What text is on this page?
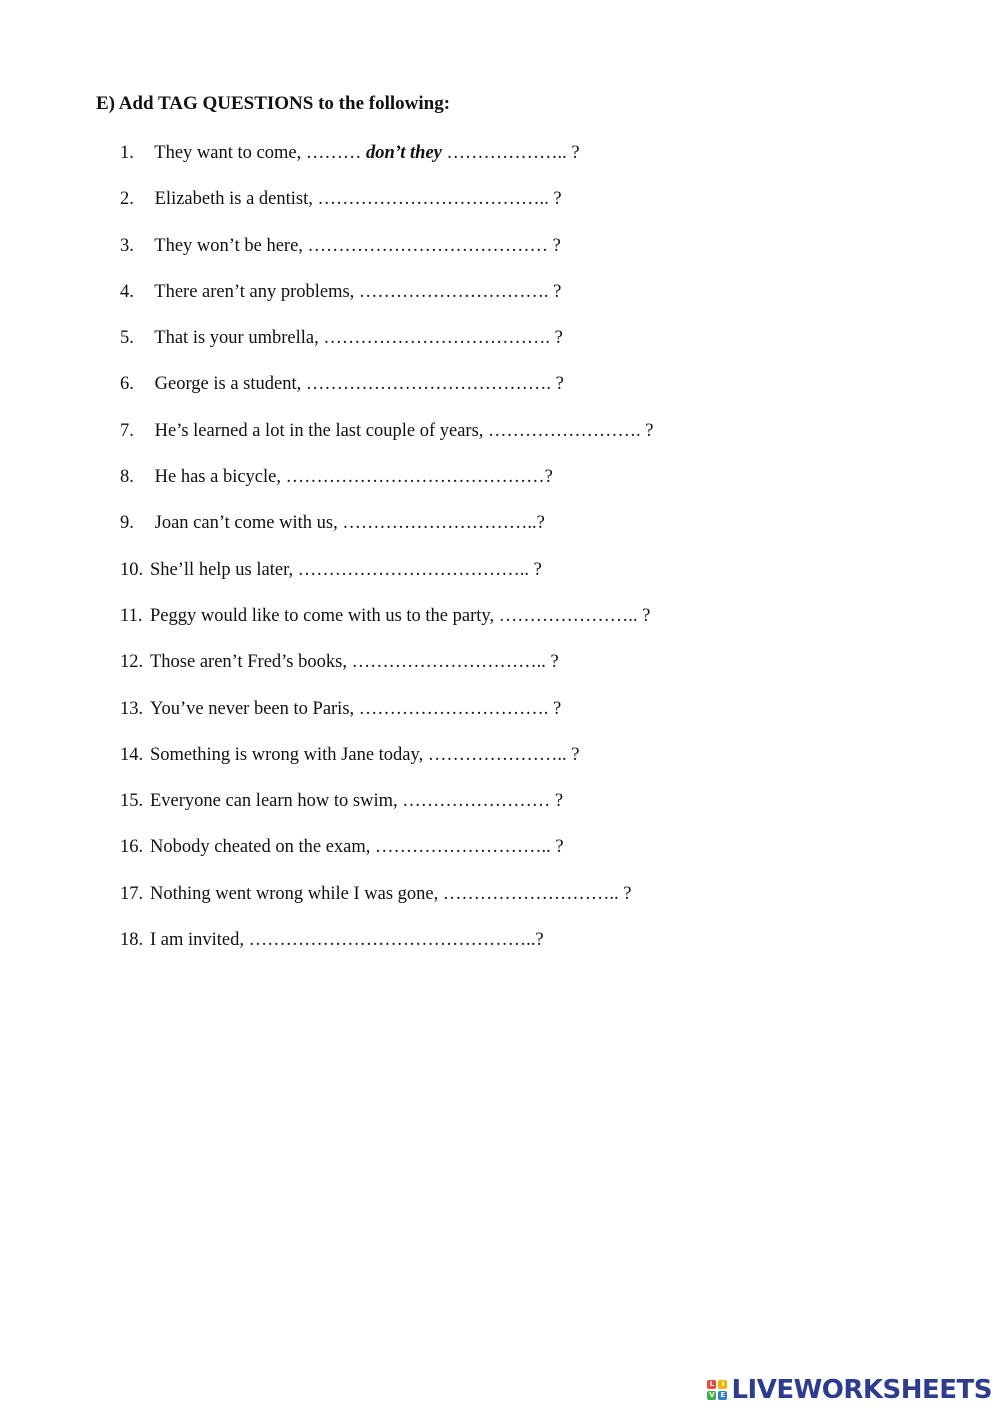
E) Add TAG QUESTIONS to the following:
1. They want to come, ……… don’t they ……………….. ?
2. Elizabeth is a dentist, ……………………………….. ?
3. They won’t be here, ………………………………… ?
4. There aren’t any problems, …………………………. ?
5. That is your umbrella, ………………………………. ?
6. George is a student, …………………………………. ?
7. He’s learned a lot in the last couple of years, ……………………. ?
8. He has a bicycle, ……………………………………?
9. Joan can’t come with us, …………………………..?
10. She’ll help us later, ……………………………….. ?
11. Peggy would like to come with us to the party, ………………….. ?
12. Those aren’t Fred’s books, ………………………….. ?
13. You’ve never been to Paris, …………………………. ?
14. Something is wrong with Jane today, ………………….. ?
15. Everyone can learn how to swim, …………………… ?
16. Nobody cheated on the exam, ……………………….. ?
17. Nothing went wrong while I was gone, ……………………….. ?
18. I am invited, ………………………………………..?
L	I
V E LIVEWORKSHEETS
